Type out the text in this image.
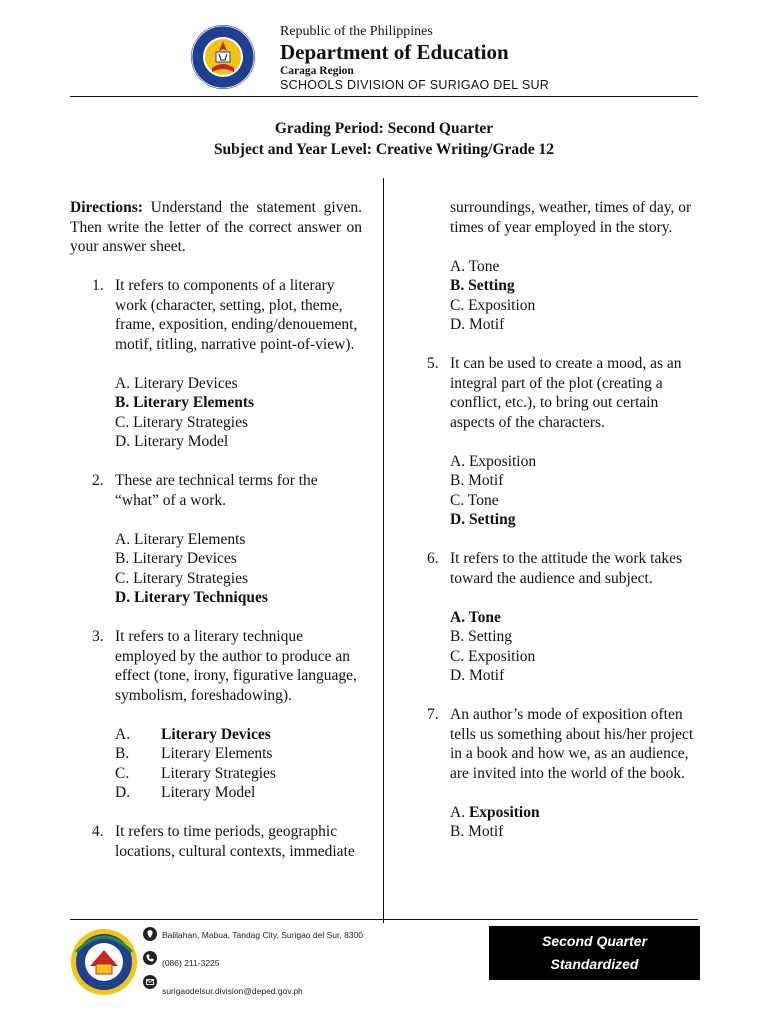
Republic of the Philippines
Department of Education
Caraga Region
SCHOOLS DIVISION OF SURIGAO DEL SUR
Grading Period: Second Quarter
Subject and Year Level: Creative Writing/Grade 12
Directions: Understand the statement given. Then write the letter of the correct answer on your answer sheet.
1. It refers to components of a literary work (character, setting, plot, theme, frame, exposition, ending/denouement, motif, titling, narrative point-of-view).
A. Literary Devices
B. Literary Elements
C. Literary Strategies
D. Literary Model
2. These are technical terms for the “what” of a work.
A. Literary Elements
B. Literary Devices
C. Literary Strategies
D. Literary Techniques
3. It refers to a literary technique employed by the author to produce an effect (tone, irony, figurative language, symbolism, foreshadowing).
A. Literary Devices
B. Literary Elements
C. Literary Strategies
D. Literary Model
4. It refers to time periods, geographic locations, cultural contexts, immediate
surroundings, weather, times of day, or times of year employed in the story.
A. Tone
B. Setting
C. Exposition
D. Motif
5. It can be used to create a mood, as an integral part of the plot (creating a conflict, etc.), to bring out certain aspects of the characters.
A. Exposition
B. Motif
C. Tone
D. Setting
6. It refers to the attitude the work takes toward the audience and subject.
A. Tone
B. Setting
C. Exposition
D. Motif
7. An author’s mode of exposition often tells us something about his/her project in a book and how we, as an audience, are invited into the world of the book.
A. Exposition
B. Motif
Balilahan, Mabua, Tandag City, Surigao del Sur, 8300
(086) 211-3225
surigaodelsur.division@deped.gov.ph
Second Quarter
Standardized
